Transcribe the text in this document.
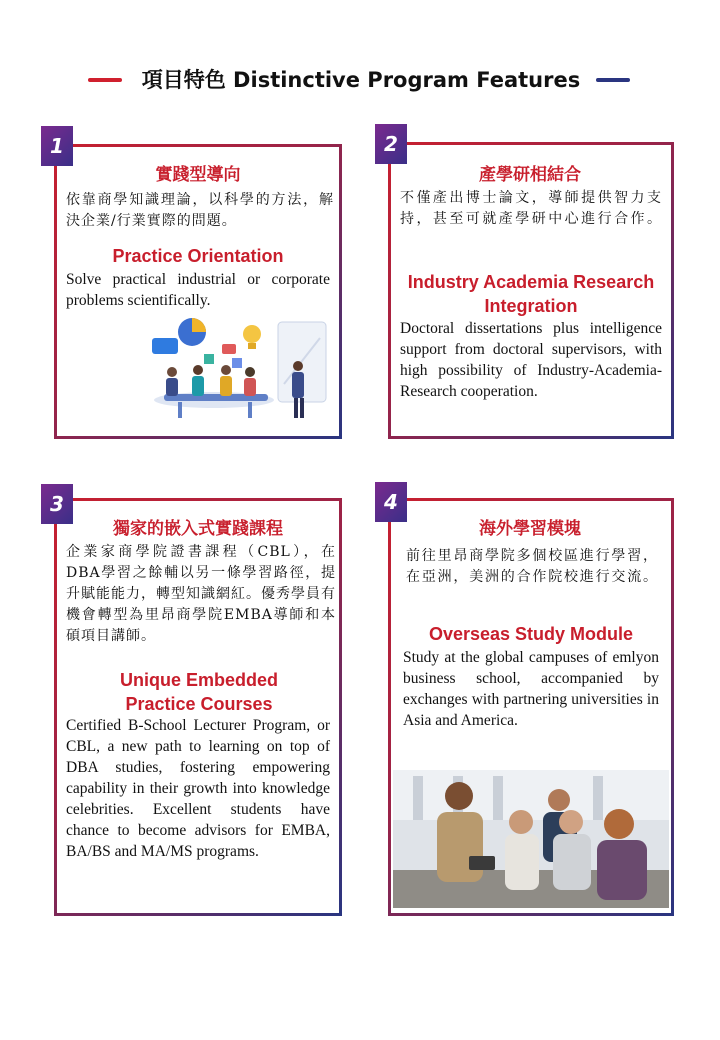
項目特色 Distinctive Program Features
1
實踐型導向
依靠商學知識理論，以科學的方法，解決企業/行業實際的問題。
Practice Orientation
Solve practical industrial or corporate problems scientifically.
2
產學研相結合
不僅產出博士論文，導師提供智力支持，甚至可就產學研中心進行合作。
Industry Academia Research Integration
Doctoral dissertations plus intelligence support from doctoral supervisors, with high possibility of Industry-Academia-Research cooperation.
3
獨家的嵌入式實踐課程
企業家商學院證書課程（CBL），在DBA學習之餘輔以另一條學習路徑，提升賦能能力，轉型知識網紅。優秀學員有機會轉型為里昂商學院EMBA導師和本碩項目講師。
Unique Embedded Practice Courses
Certified B-School Lecturer Program, or CBL, a new path to learning on top of DBA studies, fostering empowering capability in their growth into knowledge celebrities. Excellent students have chance to become advisors for EMBA, BA/BS and MA/MS programs.
4
海外學習模塊
前往里昂商學院多個校區進行學習，在亞洲，美洲的合作院校進行交流。
Overseas Study Module
Study at the global campuses of emlyon business school, accompanied by exchanges with partnering universities in Asia and America.
